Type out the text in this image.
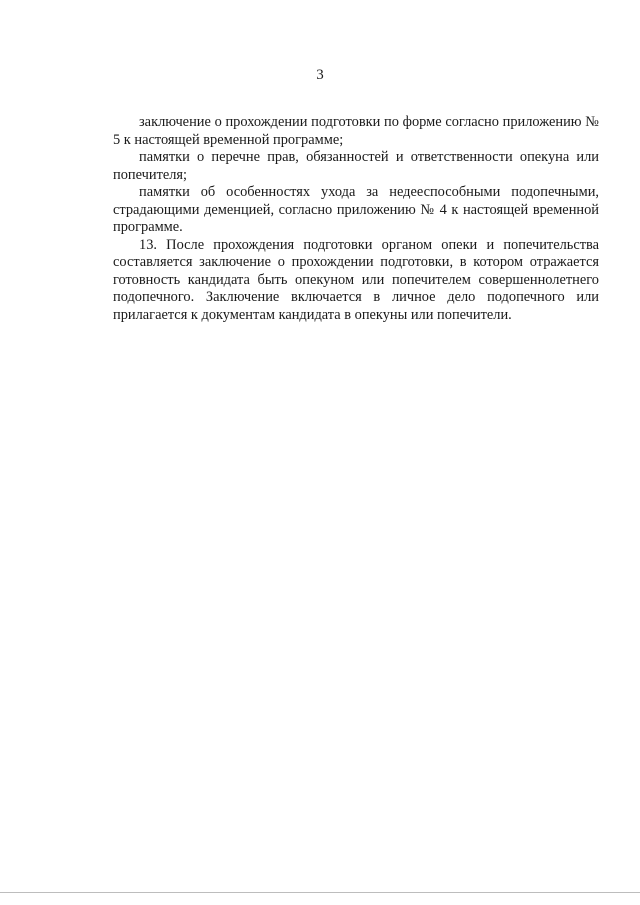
3

заключение о прохождении подготовки по форме согласно приложению № 5 к настоящей временной программе;

памятки о перечне прав, обязанностей и ответственности опекуна или попечителя;

памятки об особенностях ухода за недееспособными подопечными, страдающими деменцией, согласно приложению № 4 к настоящей временной программе.

13. После прохождения подготовки органом опеки и попечительства составляется заключение о прохождении подготовки, в котором отражается готовность кандидата быть опекуном или попечителем совершеннолетнего подопечного. Заключение включается в личное дело подопечного или прилагается к документам кандидата в опекуны или попечители.
